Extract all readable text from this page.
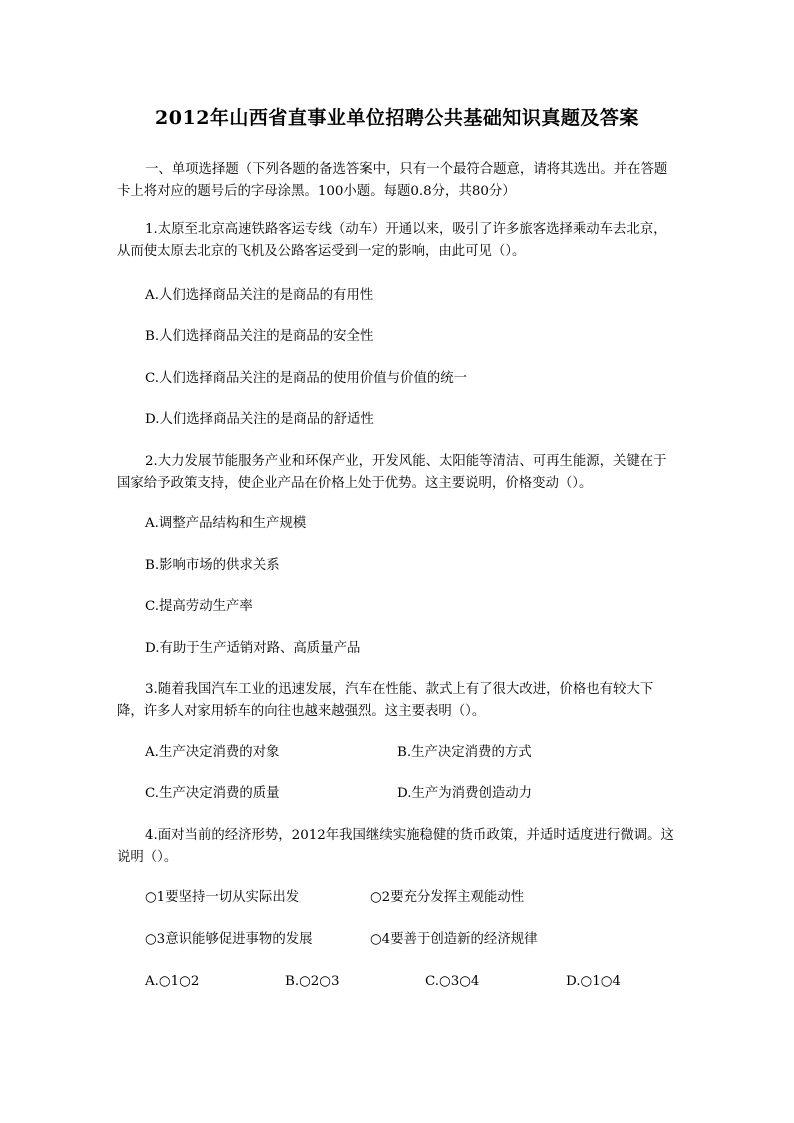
2012年山西省直事业单位招聘公共基础知识真题及答案

一、单项选择题（下列各题的备选答案中，只有一个最符合题意，请将其选出。并在答题卡上将对应的题号后的字母涂黑。100小题。每题0.8分，共80分）

1.太原至北京高速铁路客运专线（动车）开通以来，吸引了许多旅客选择乘动车去北京，从而使太原去北京的飞机及公路客运受到一定的影响，由此可见（）。

A.人们选择商品关注的是商品的有用性

B.人们选择商品关注的是商品的安全性

C.人们选择商品关注的是商品的使用价值与价值的统一

D.人们选择商品关注的是商品的舒适性

2.大力发展节能服务产业和环保产业，开发风能、太阳能等清洁、可再生能源，关键在于国家给予政策支持，使企业产品在价格上处于优势。这主要说明，价格变动（）。

A.调整产品结构和生产规模

B.影响市场的供求关系

C.提高劳动生产率

D.有助于生产适销对路、高质量产品

3.随着我国汽车工业的迅速发展，汽车在性能、款式上有了很大改进，价格也有较大下降，许多人对家用轿车的向往也越来越强烈。这主要表明（）。

A.生产决定消费的对象	B.生产决定消费的方式

C.生产决定消费的质量	D.生产为消费创造动力

4.面对当前的经济形势，2012年我国继续实施稳健的货币政策，并适时适度进行微调。这说明（）。

○1要坚持一切从实际出发	○2要充分发挥主观能动性

○3意识能够促进事物的发展	○4要善于创造新的经济规律

A.○1○2	B.○2○3	C.○3○4	D.○1○4
